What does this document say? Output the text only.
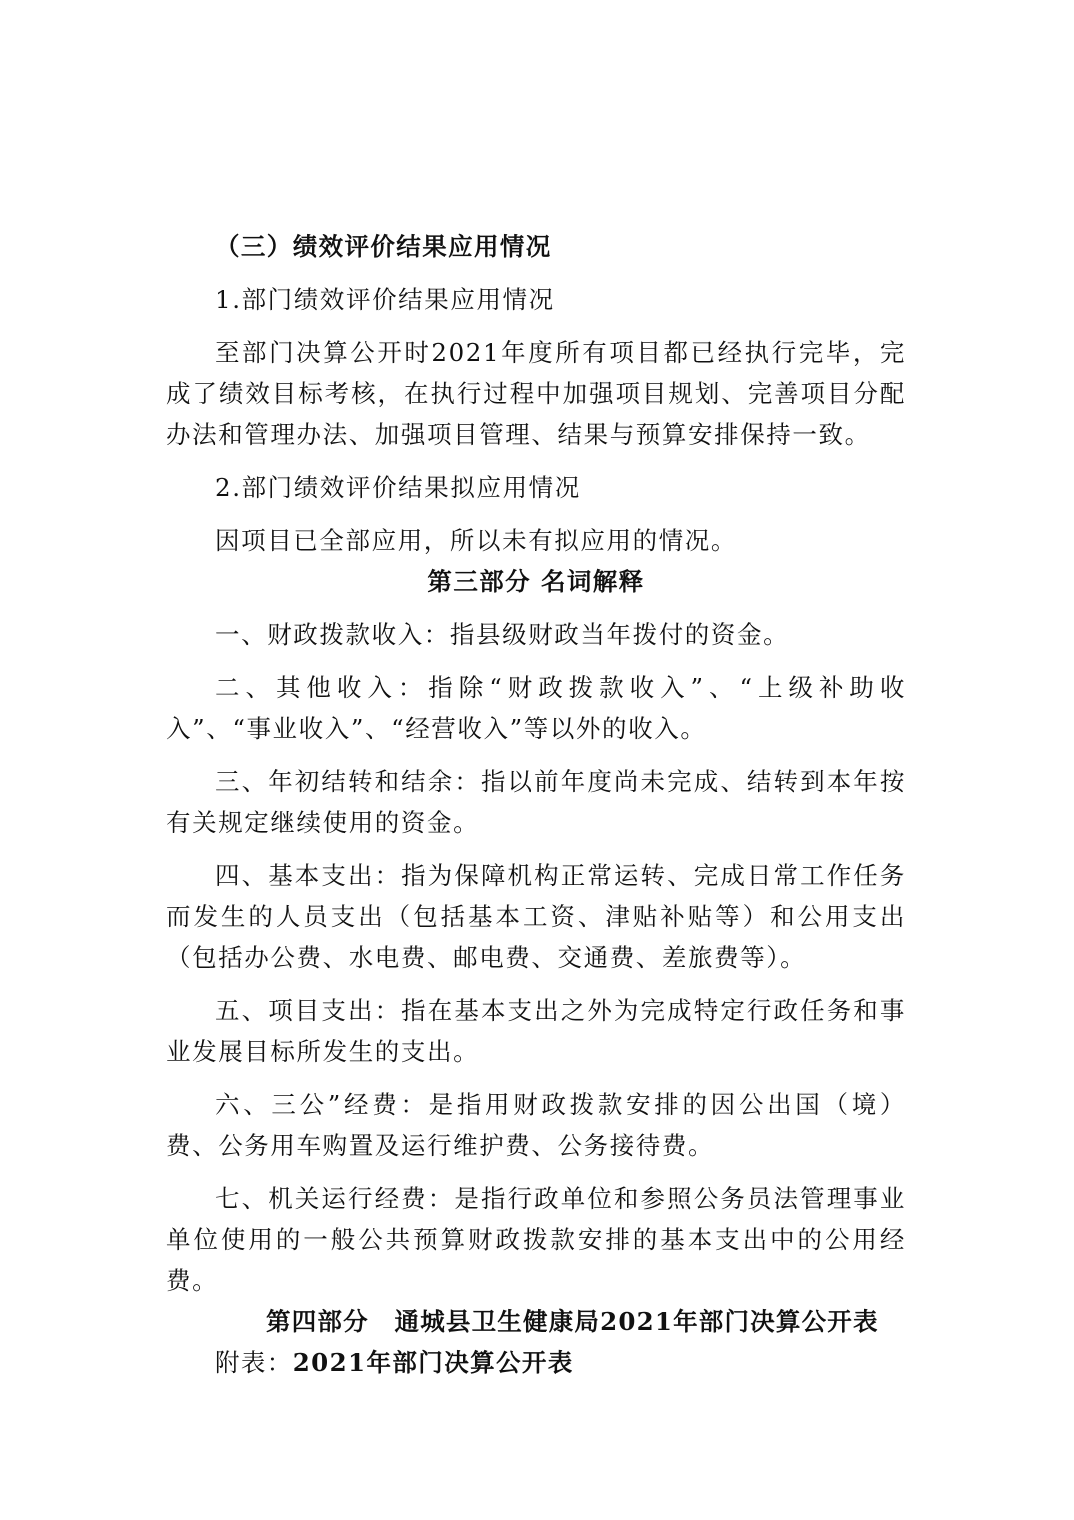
（三）绩效评价结果应用情况

1.部门绩效评价结果应用情况

至部门决算公开时2021年度所有项目都已经执行完毕，完成了绩效目标考核，在执行过程中加强项目规划、完善项目分配办法和管理办法、加强项目管理、结果与预算安排保持一致。

2.部门绩效评价结果拟应用情况

因项目已全部应用，所以未有拟应用的情况。

第三部分 名词解释

一、财政拨款收入：指县级财政当年拨付的资金。

二、其他收入：指除“财政拨款收入”、“上级补助收入”、“事业收入”、“经营收入”等以外的收入。

三、年初结转和结余：指以前年度尚未完成、结转到本年按有关规定继续使用的资金。

四、基本支出：指为保障机构正常运转、完成日常工作任务而发生的人员支出（包括基本工资、津贴补贴等）和公用支出（包括办公费、水电费、邮电费、交通费、差旅费等）。

五、项目支出：指在基本支出之外为完成特定行政任务和事业发展目标所发生的支出。

六、三公”经费：是指用财政拨款安排的因公出国（境）费、公务用车购置及运行维护费、公务接待费。

七、机关运行经费：是指行政单位和参照公务员法管理事业单位使用的一般公共预算财政拨款安排的基本支出中的公用经费。

第四部分　通城县卫生健康局2021年部门决算公开表
附表：2021年部门决算公开表
